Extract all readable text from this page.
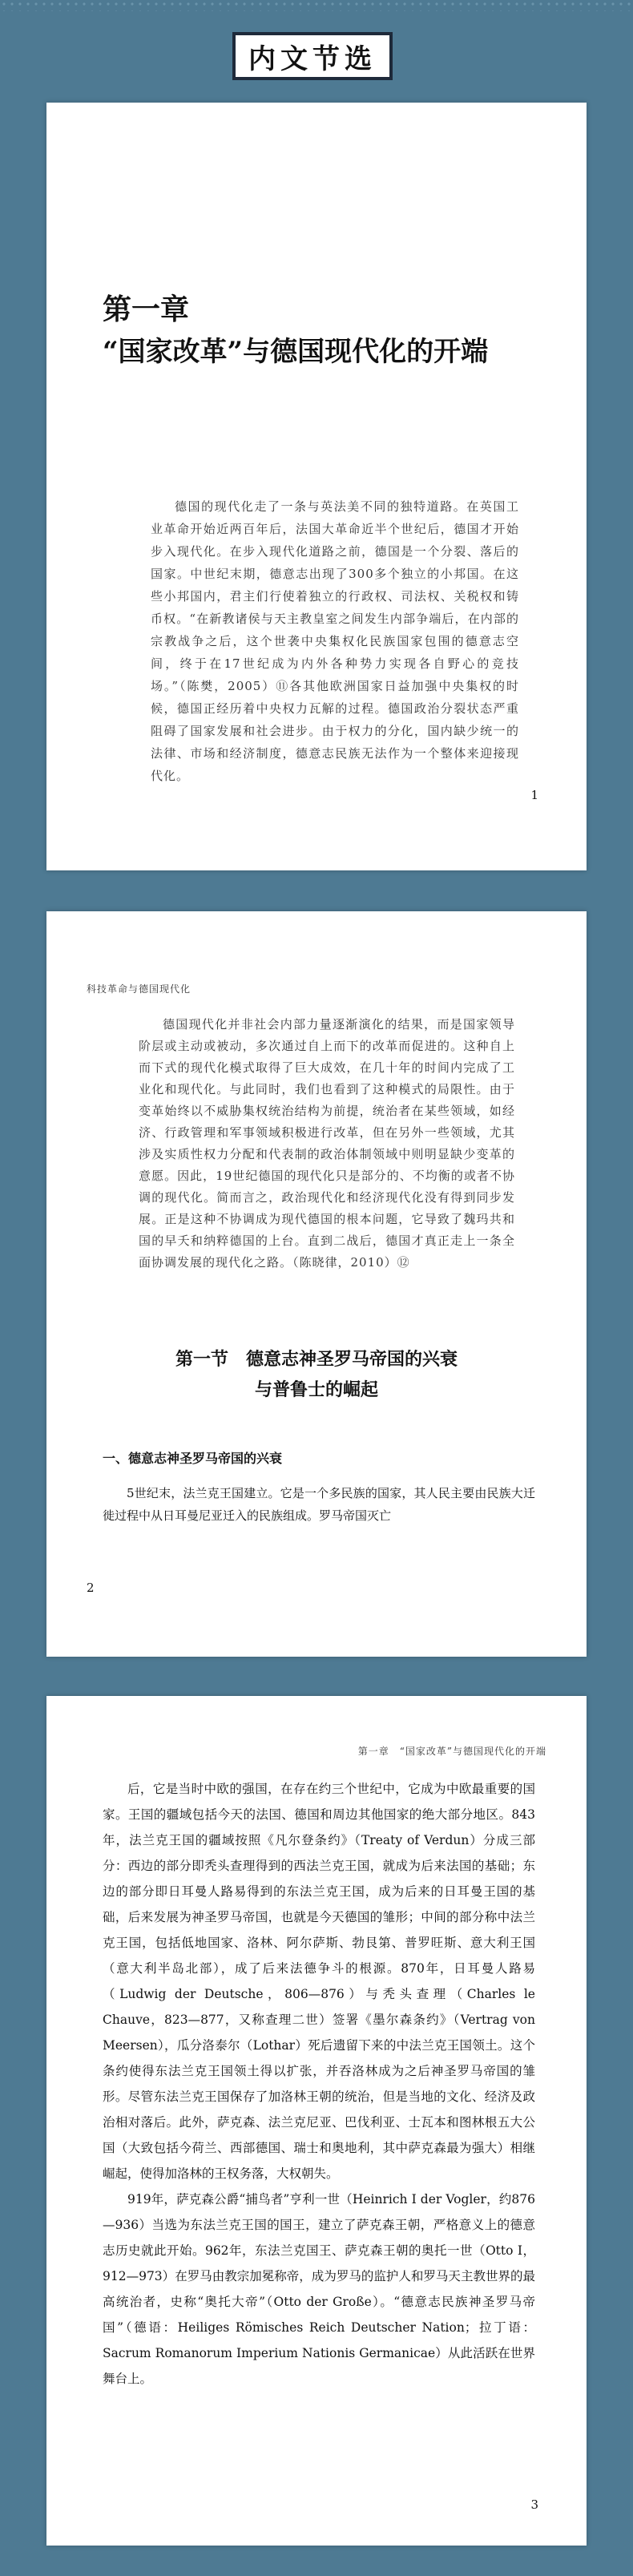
内文节选
第一章
“国家改革”与德国现代化的开端

德国的现代化走了一条与英法美不同的独特道路。在英国工业革命开始近两百年后，法国大革命近半个世纪后，德国才开始步入现代化。在步入现代化道路之前，德国是一个分裂、落后的国家。中世纪末期，德意志出现了300多个独立的小邦国。在这些小邦国内，君主们行使着独立的行政权、司法权、关税权和铸币权。“在新教诸侯与天主教皇室之间发生内部争端后，在内部的宗教战争之后，这个世袭中央集权化民族国家包围的德意志空间，终于在17世纪成为内外各种势力实现各自野心的竞技场。”（陈樊，2005）⑪各其他欧洲国家日益加强中央集权的时候，德国正经历着中央权力瓦解的过程。德国政治分裂状态严重阻碍了国家发展和社会进步。由于权力的分化，国内缺少统一的法律、市场和经济制度，德意志民族无法作为一个整体来迎接现代化。

1
科技革命与德国现代化

德国现代化并非社会内部力量逐渐演化的结果，而是国家领导阶层或主动或被动，多次通过自上而下的改革而促进的。这种自上而下式的现代化模式取得了巨大成效，在几十年的时间内完成了工业化和现代化。与此同时，我们也看到了这种模式的局限性。由于变革始终以不威胁集权统治结构为前提，统治者在某些领域，如经济、行政管理和军事领域积极进行改革，但在另外一些领域，尤其涉及实质性权力分配和代表制的政治体制领域中则明显缺少变革的意愿。因此，19世纪德国的现代化只是部分的、不均衡的或者不协调的现代化。简而言之，政治现代化和经济现代化没有得到同步发展。正是这种不协调成为现代德国的根本问题，它导致了魏玛共和国的早夭和纳粹德国的上台。直到二战后，德国才真正走上一条全面协调发展的现代化之路。（陈晓律，2010）⑫

第一节　德意志神圣罗马帝国的兴衰
与普鲁士的崛起
一、德意志神圣罗马帝国的兴衰

5世纪末，法兰克王国建立。它是一个多民族的国家，其人民主要由民族大迁徙过程中从日耳曼尼亚迁入的民族组成。罗马帝国灭亡

2
第一章　“国家改革”与德国现代化的开端

后，它是当时中欧的强国，在存在约三个世纪中，它成为中欧最重要的国家。王国的疆域包括今天的法国、德国和周边其他国家的绝大部分地区。843年，法兰克王国的疆域按照《凡尔登条约》（Treaty of Verdun）分成三部分：西边的部分即秃头查理得到的西法兰克王国，就成为后来法国的基础；东边的部分即日耳曼人路易得到的东法兰克王国，成为后来的日耳曼王国的基础，后来发展为神圣罗马帝国，也就是今天德国的雏形；中间的部分称中法兰克王国，包括低地国家、洛林、阿尔萨斯、勃艮第、普罗旺斯、意大利王国（意大利半岛北部），成了后来法德争斗的根源。870年，日耳曼人路易（Ludwig der Deutsche，806—876）与秃头查理（Charles le Chauve，823—877，又称查理二世）签署《墨尔森条约》（Vertrag von Meersen），瓜分洛泰尔（Lothar）死后遗留下来的中法兰克王国领土。这个条约使得东法兰克王国领土得以扩张，并吞洛林成为之后神圣罗马帝国的雏形。尽管东法兰克王国保存了加洛林王朝的统治，但是当地的文化、经济及政治相对落后。此外，萨克森、法兰克尼亚、巴伐利亚、士瓦本和图林根五大公国（大致包括今荷兰、西部德国、瑞士和奥地利，其中萨克森最为强大）相继崛起，使得加洛林的王权务落，大权朝失。

919年，萨克森公爵“捕鸟者”亨利一世（Heinrich I der Vogler，约876—936）当选为东法兰克王国的国王，建立了萨克森王朝，严格意义上的德意志历史就此开始。962年，东法兰克国王、萨克森王朝的奥托一世（Otto I，912—973）在罗马由教宗加冕称帝，成为罗马的监护人和罗马天主教世界的最高统治者，史称“奥托大帝”（Otto der Große）。“德意志民族神圣罗马帝国”（德语：Heiliges Römisches Reich Deutscher Nation；拉丁语：Sacrum Romanorum Imperium Nationis Germanicae）从此活跃在世界舞台上。

3
